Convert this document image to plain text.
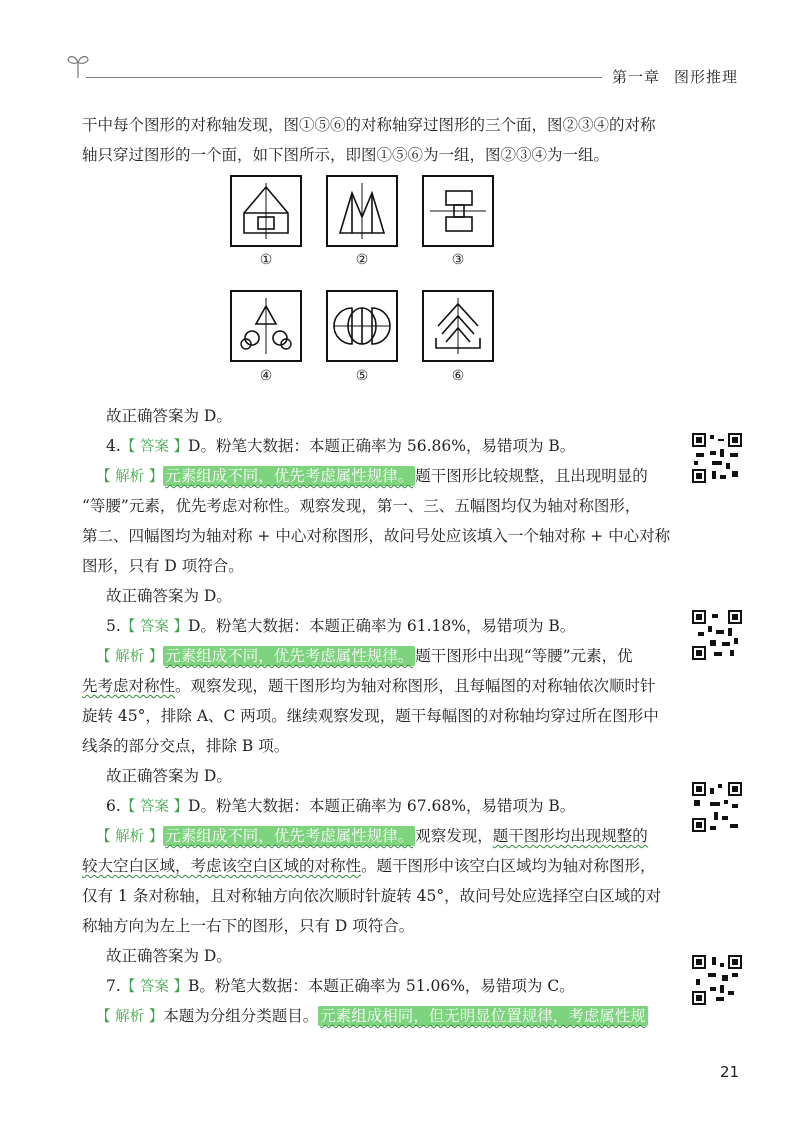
第一章 图形推理
干中每个图形的对称轴发现，图①⑤⑥的对称轴穿过图形的三个面，图②③④的对称
轴只穿过图形的一个面，如下图所示，即图①⑤⑥为一组，图②③④为一组。
①	②	③
④	⑤	⑥
故正确答案为 D。
4.【 答案 】D。粉笔大数据：本题正确率为 56.86%，易错项为 B。
【 解析 】 元素组成不同，优先考虑属性规律。 题干图形比较规整，且出现明显的
“等腰”元素，优先考虑对称性。观察发现，第一、三、五幅图均仅为轴对称图形，
第二、四幅图均为轴对称 + 中心对称图形，故问号处应该填入一个轴对称 + 中心对称
图形，只有 D 项符合。
故正确答案为 D。
5.【 答案 】D。粉笔大数据：本题正确率为 61.18%，易错项为 B。
【 解析 】 元素组成不同，优先考虑属性规律。 题干图形中出现“等腰”元素，优
先考虑对称性。观察发现，题干图形均为轴对称图形，且每幅图的对称轴依次顺时针
旋转 45°，排除 A、C 两项。继续观察发现，题干每幅图的对称轴均穿过所在图形中
线条的部分交点，排除 B 项。
故正确答案为 D。
6.【 答案 】D。粉笔大数据：本题正确率为 67.68%，易错项为 B。
【 解析 】 元素组成不同，优先考虑属性规律。 观察发现，题干图形均出现规整的
较大空白区域，考虑该空白区域的对称性。题干图形中该空白区域均为轴对称图形，
仅有 1 条对称轴，且对称轴方向依次顺时针旋转 45°，故问号处应选择空白区域的对
称轴方向为左上一右下的图形，只有 D 项符合。
故正确答案为 D。
7.【 答案 】B。粉笔大数据：本题正确率为 51.06%，易错项为 C。
【 解析 】本题为分组分类题目。 元素组成相同，但无明显位置规律，考虑属性规
21
